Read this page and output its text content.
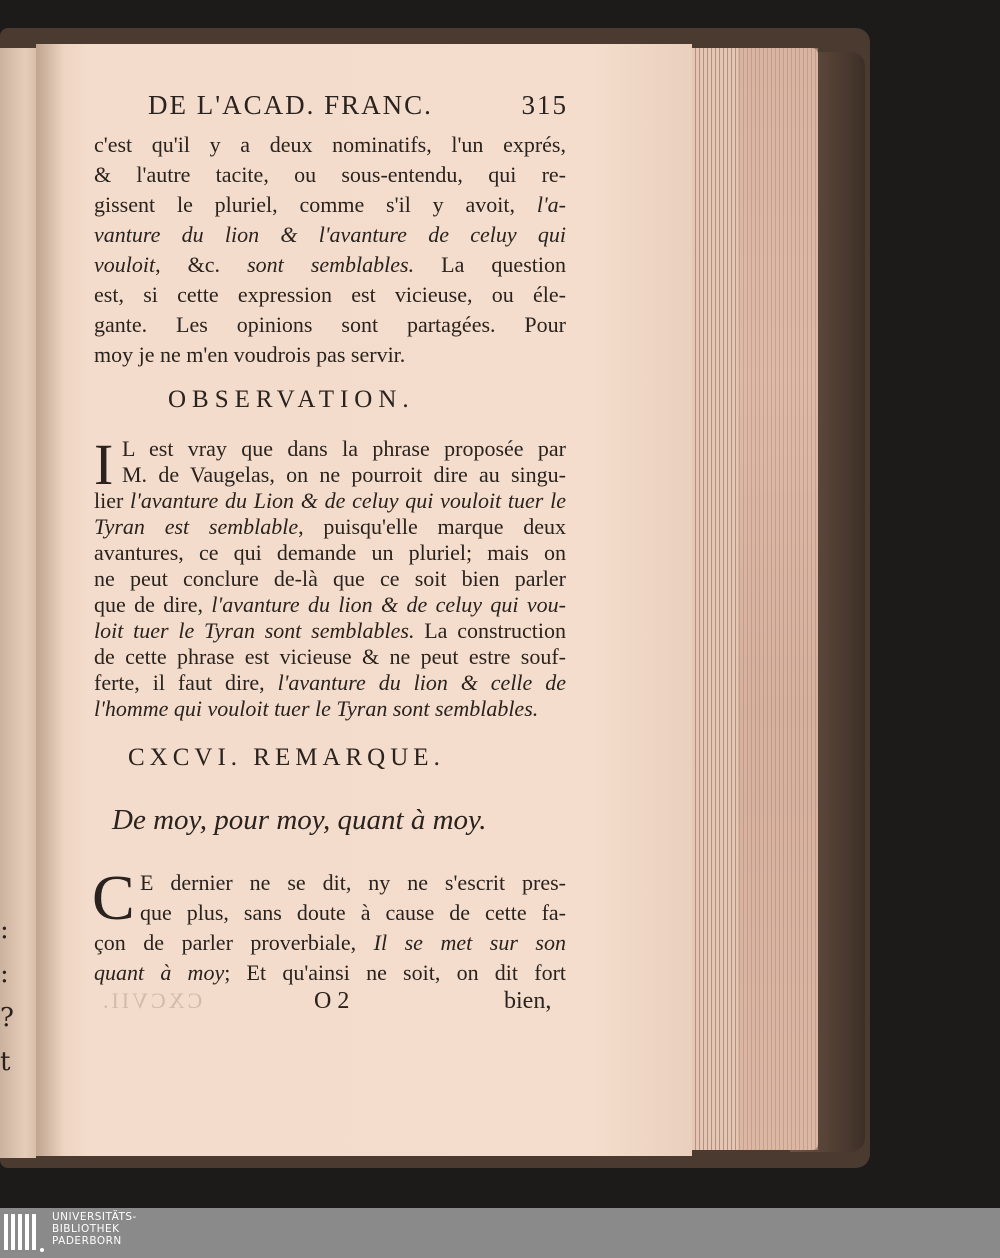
:
:
?
t
DE L'ACAD. FRANC.	315
c'est qu'il y a deux nominatifs, l'un exprés,
& l'autre tacite, ou sous-entendu, qui re-
gissent le pluriel, comme s'il y avoit, l'a-
vanture du lion & l'avanture de celuy qui
vouloit, &c. sont semblables. La question
est, si cette expression est vicieuse, ou éle-
gante. Les opinions sont partagées. Pour
moy je ne m'en voudrois pas servir.
OBSERVATION.
I L est vray que dans la phrase proposée par
M. de Vaugelas, on ne pourroit dire au singu-
lier l'avanture du Lion & de celuy qui vouloit tuer le
Tyran est semblable, puisqu'elle marque deux
avantures, ce qui demande un pluriel; mais on
ne peut conclure de-là que ce soit bien parler
que de dire, l'avanture du lion & de celuy qui vou-
loit tuer le Tyran sont semblables. La construction
de cette phrase est vicieuse & ne peut estre souf-
ferte, il faut dire, l'avanture du lion & celle de
l'homme qui vouloit tuer le Tyran sont semblables.
CXCVI. REMARQUE.
De moy, pour moy, quant à moy.
C E dernier ne se dit, ny ne s'escrit pres-
que plus, sans doute à cause de cette fa-
çon de parler proverbiale, Il se met sur son
quant à moy; Et qu'ainsi ne soit, on dit fort
CXCVII.	O 2	bien,
UNIVERSITÄTS-
BIBLIOTHEK
PADERBORN
